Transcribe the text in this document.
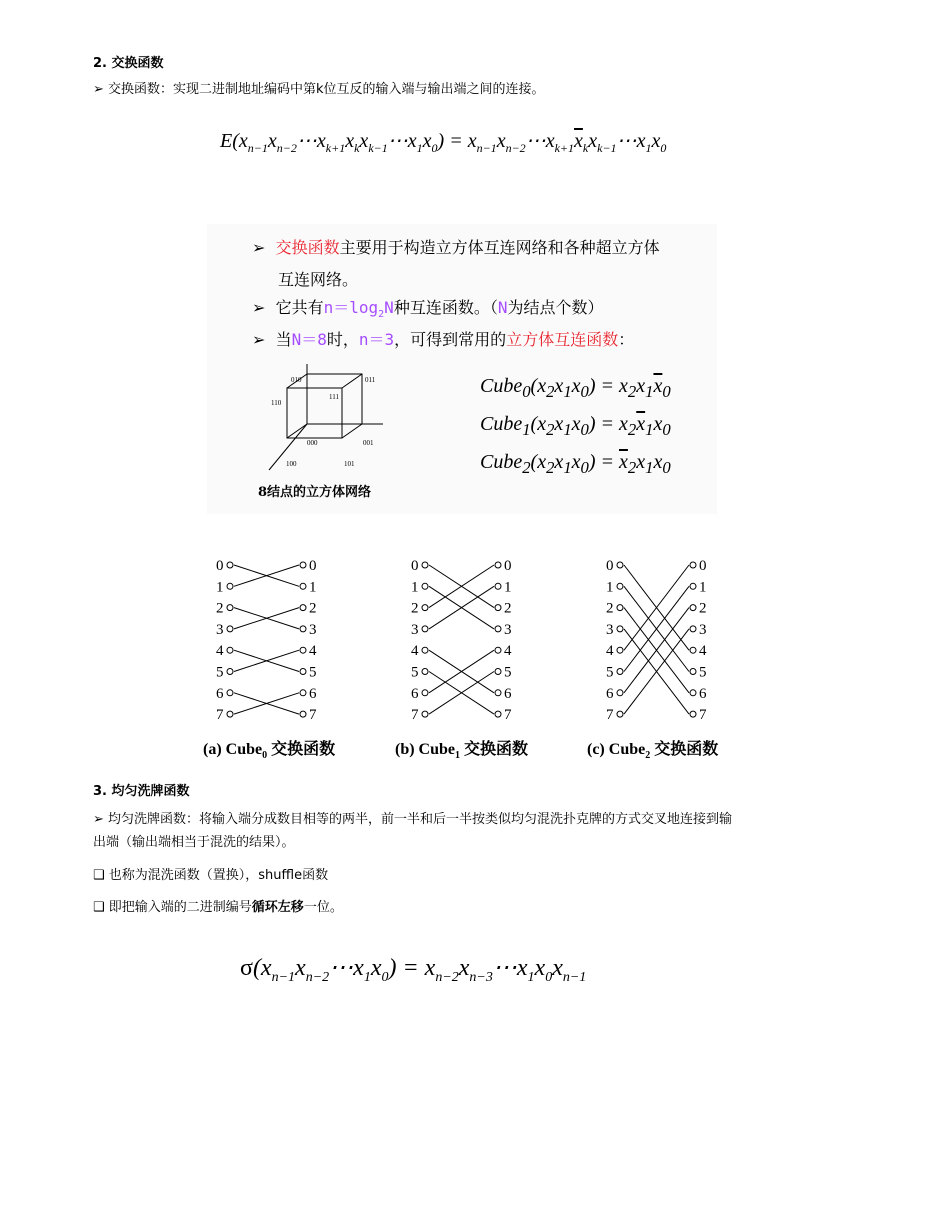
2. 交换函数
➢ 交换函数：实现二进制地址编码中第k位互反的输入端与输出端之间的连接。
$E(x_{n-1}x_{n-2}\cdots x_{k+1}x_kx_{k-1}\cdots x_1x_0)$ = $x_{n-1}x_{n-2}\cdots x_{k+1}\overline{x}_kx_{k-1}\cdots x_1x_0$
➢  交换函数主要用于构造立方体互连网络和各种超立方体
互连网络。
➢  它共有$n=\log_2N$种互连函数。（N为结点个数）
➢  当N＝8时，n＝3，可得到常用的立方体互连函数：
010	011
110
111
000	001
100	101
8结点的立方体网络
$Cube_0(x_2x_1x_0) = x_2x_1\overline{x}_0$
$Cube_1(x_2x_1x_0) = x_2\overline{x}_1x_0$
$Cube_2(x_2x_1x_0) = \overline{x}_2x_1x_0$
0	0
1	1
2	2
3	3
4	4
5	5
6	6
7	7
0	0
1	1
2	2
3	3
4	4
5	5
6	6
7	7
0	0
1	1
2	2
3	3
4	4
5	5
6	6
7	7
(a) Cube$_0$ 交换函数	(b) Cube$_1$ 交换函数	(c) Cube$_2$ 交换函数
3. 均匀洗牌函数
➢ 均匀洗牌函数：将输入端分成数目相等的两半，前一半和后一半按类似均匀混洗扑克牌的方式交叉地连接到输
出端（输出端相当于混洗的结果）。
❑ 也称为混洗函数（置换），shuffle函数
❑ 即把输入端的二进制编号循环左移一位。
$\sigma(x_{n-1}x_{n-2}\cdots x_1x_0)$ = $x_{n-2}x_{n-3}\cdots x_1x_0x_{n-1}$
